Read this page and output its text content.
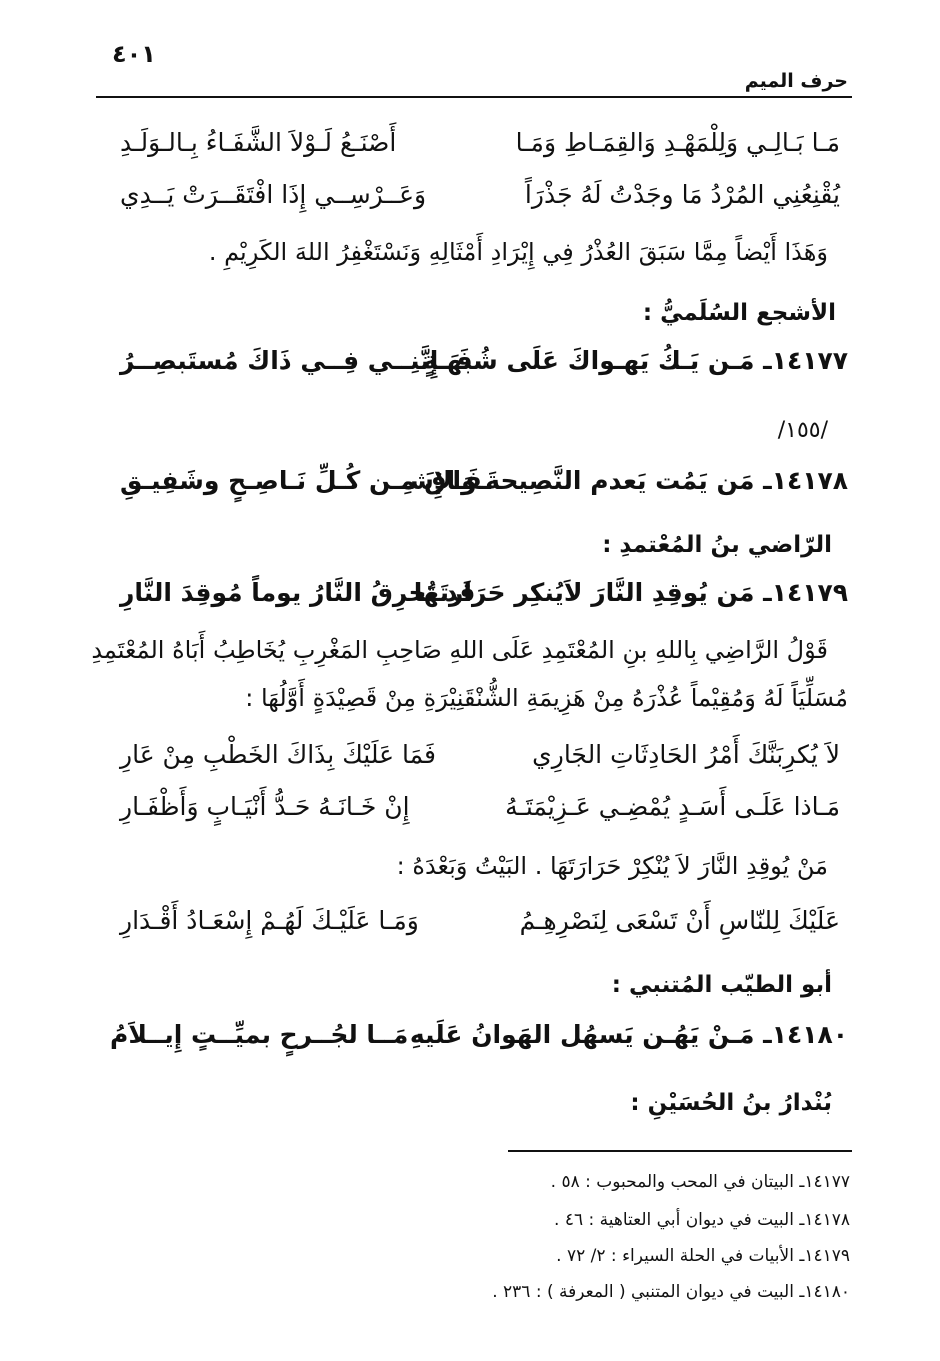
حرف الميم
٤٠١
مَـا بَـالِـي وَلِلْمَهْـدِ وَالقِمَـاطِ وَمَـا
أَصْنَـعُ لَـوْلاَ الشَّفَـاءُ بِـالـوَلَـدِ
يُقْنِعُنِي المُرْدُ مَا وجَدْتُ لَهُ جَذْرَاً
وَعَــرْسِــي إِذَا افْتَقَــرَتْ يَــدِي
وَهَذَا أَيْضاً مِمَّا سَبَقَ العُذْرُ فِي إِيْرَادِ أَمْثَالِهِ وَنَسْتَغْفِرُ اللهَ الكَرِيْمِ .
الأشجع السُلَميُّ :
١٤١٧٧ـ مَـن يَـكُ يَهـواكَ عَلَى شُبهَـةٍ
فَــإِنَّنِــي فِــي ذَاكَ مُستَبصِــرُ
/١٥٥/
١٤١٧٨ـ مَن يَمُت يَعدم النَّصِيحةَ وَالإِشـ
ـفَـاقَ مِـن كُـلِّ نَـاصِـحٍ وشَفِيـقِ
الرّاضي بنُ المُعْتمدِ :
١٤١٧٩ـ مَن يُوقِدِ النَّارَ لاَيُنكِر حَرَارتَهَا
قَد تُحرِقُ النَّارُ يوماً مُوقِدَ النَّارِ
قَوْلُ الرَّاضِي بِاللهِ بنِ المُعْتَمِدِ عَلَى اللهِ صَاحِبِ المَغْرِبِ يُخَاطِبُ أَبَاهُ المُعْتَمِدِ
مُسَلِّيَاً لَهُ وَمُقِيْماً عُذْرَهُ مِنْ هَزِيمَةِ الشُّنْقَنِيْرَةِ مِنْ قَصِيْدَةٍ أَوَّلُهَا :
لاَ يُكرِبَنَّكَ أَمْرُ الحَادِثَاتِ الجَارِي
فَمَا عَلَيْكَ بِذَاكَ الخَطْبِ مِنْ عَارِ
مَـاذا عَلَـى أَسَـدٍ يُمْضِـي عَـزِيْمَتَـهُ
إِنْ خَـانَـهُ حَـدُّ أَنْيَـابٍ وَأَظْفَـارِ
مَنْ يُوقِدِ النَّارَ لاَ يُنْكِرْ حَرَارَتَهَا . البَيْتُ وَبَعْدَهُ :
عَلَيْكَ لِلنّاسِ أَنْ تَسْعَى لِنَصْرِهِـمُ
وَمَـا عَلَيْـكَ لَهُـمْ إِسْعَـادُ أَقْـدَارِ
أبو الطيّب المُتنبي :
١٤١٨٠ـ مَـنْ يَهُـن يَسهُل الهَوانُ عَلَيهِ
مَــا لجُــرحٍ بميِّــتٍ إِيــلاَمُ
بُنْدارُ بنُ الحُسَيْنِ :
١٤١٧٧ـ البيتان في المحب والمحبوب : ٥٨ .
١٤١٧٨ـ البيت في ديوان أبي العتاهية : ٤٦ .
١٤١٧٩ـ الأبيات في الحلة السيراء : ٢/ ٧٢ .
١٤١٨٠ـ البيت في ديوان المتنبي ( المعرفة ) : ٢٣٦ .
